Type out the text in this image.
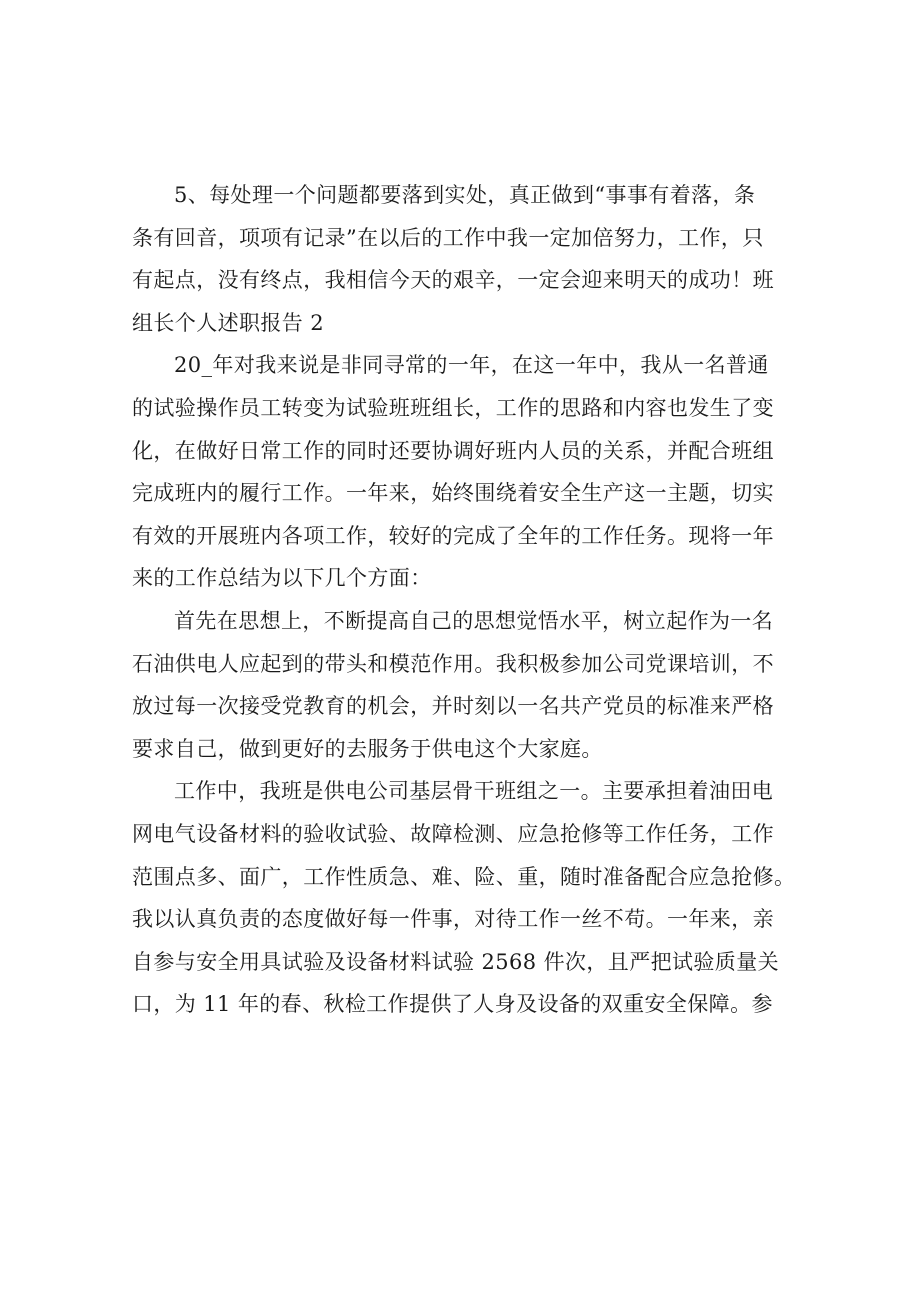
5、每处理一个问题都要落到实处，真正做到“事事有着落，条
条有回音，项项有记录”在以后的工作中我一定加倍努力，工作，只
有起点，没有终点，我相信今天的艰辛，一定会迎来明天的成功！班
组长个人述职报告 2
20_年对我来说是非同寻常的一年，在这一年中，我从一名普通
的试验操作员工转变为试验班班组长，工作的思路和内容也发生了变
化，在做好日常工作的同时还要协调好班内人员的关系，并配合班组
完成班内的履行工作。一年来，始终围绕着安全生产这一主题，切实
有效的开展班内各项工作，较好的完成了全年的工作任务。现将一年
来的工作总结为以下几个方面：
首先在思想上，不断提高自己的思想觉悟水平，树立起作为一名
石油供电人应起到的带头和模范作用。我积极参加公司党课培训，不
放过每一次接受党教育的机会，并时刻以一名共产党员的标准来严格
要求自己，做到更好的去服务于供电这个大家庭。
工作中，我班是供电公司基层骨干班组之一。主要承担着油田电
网电气设备材料的验收试验、故障检测、应急抢修等工作任务，工作
范围点多、面广，工作性质急、难、险、重，随时准备配合应急抢修。
我以认真负责的态度做好每一件事，对待工作一丝不苟。一年来，亲
自参与安全用具试验及设备材料试验 2568 件次，且严把试验质量关
口，为 11 年的春、秋检工作提供了人身及设备的双重安全保障。参
